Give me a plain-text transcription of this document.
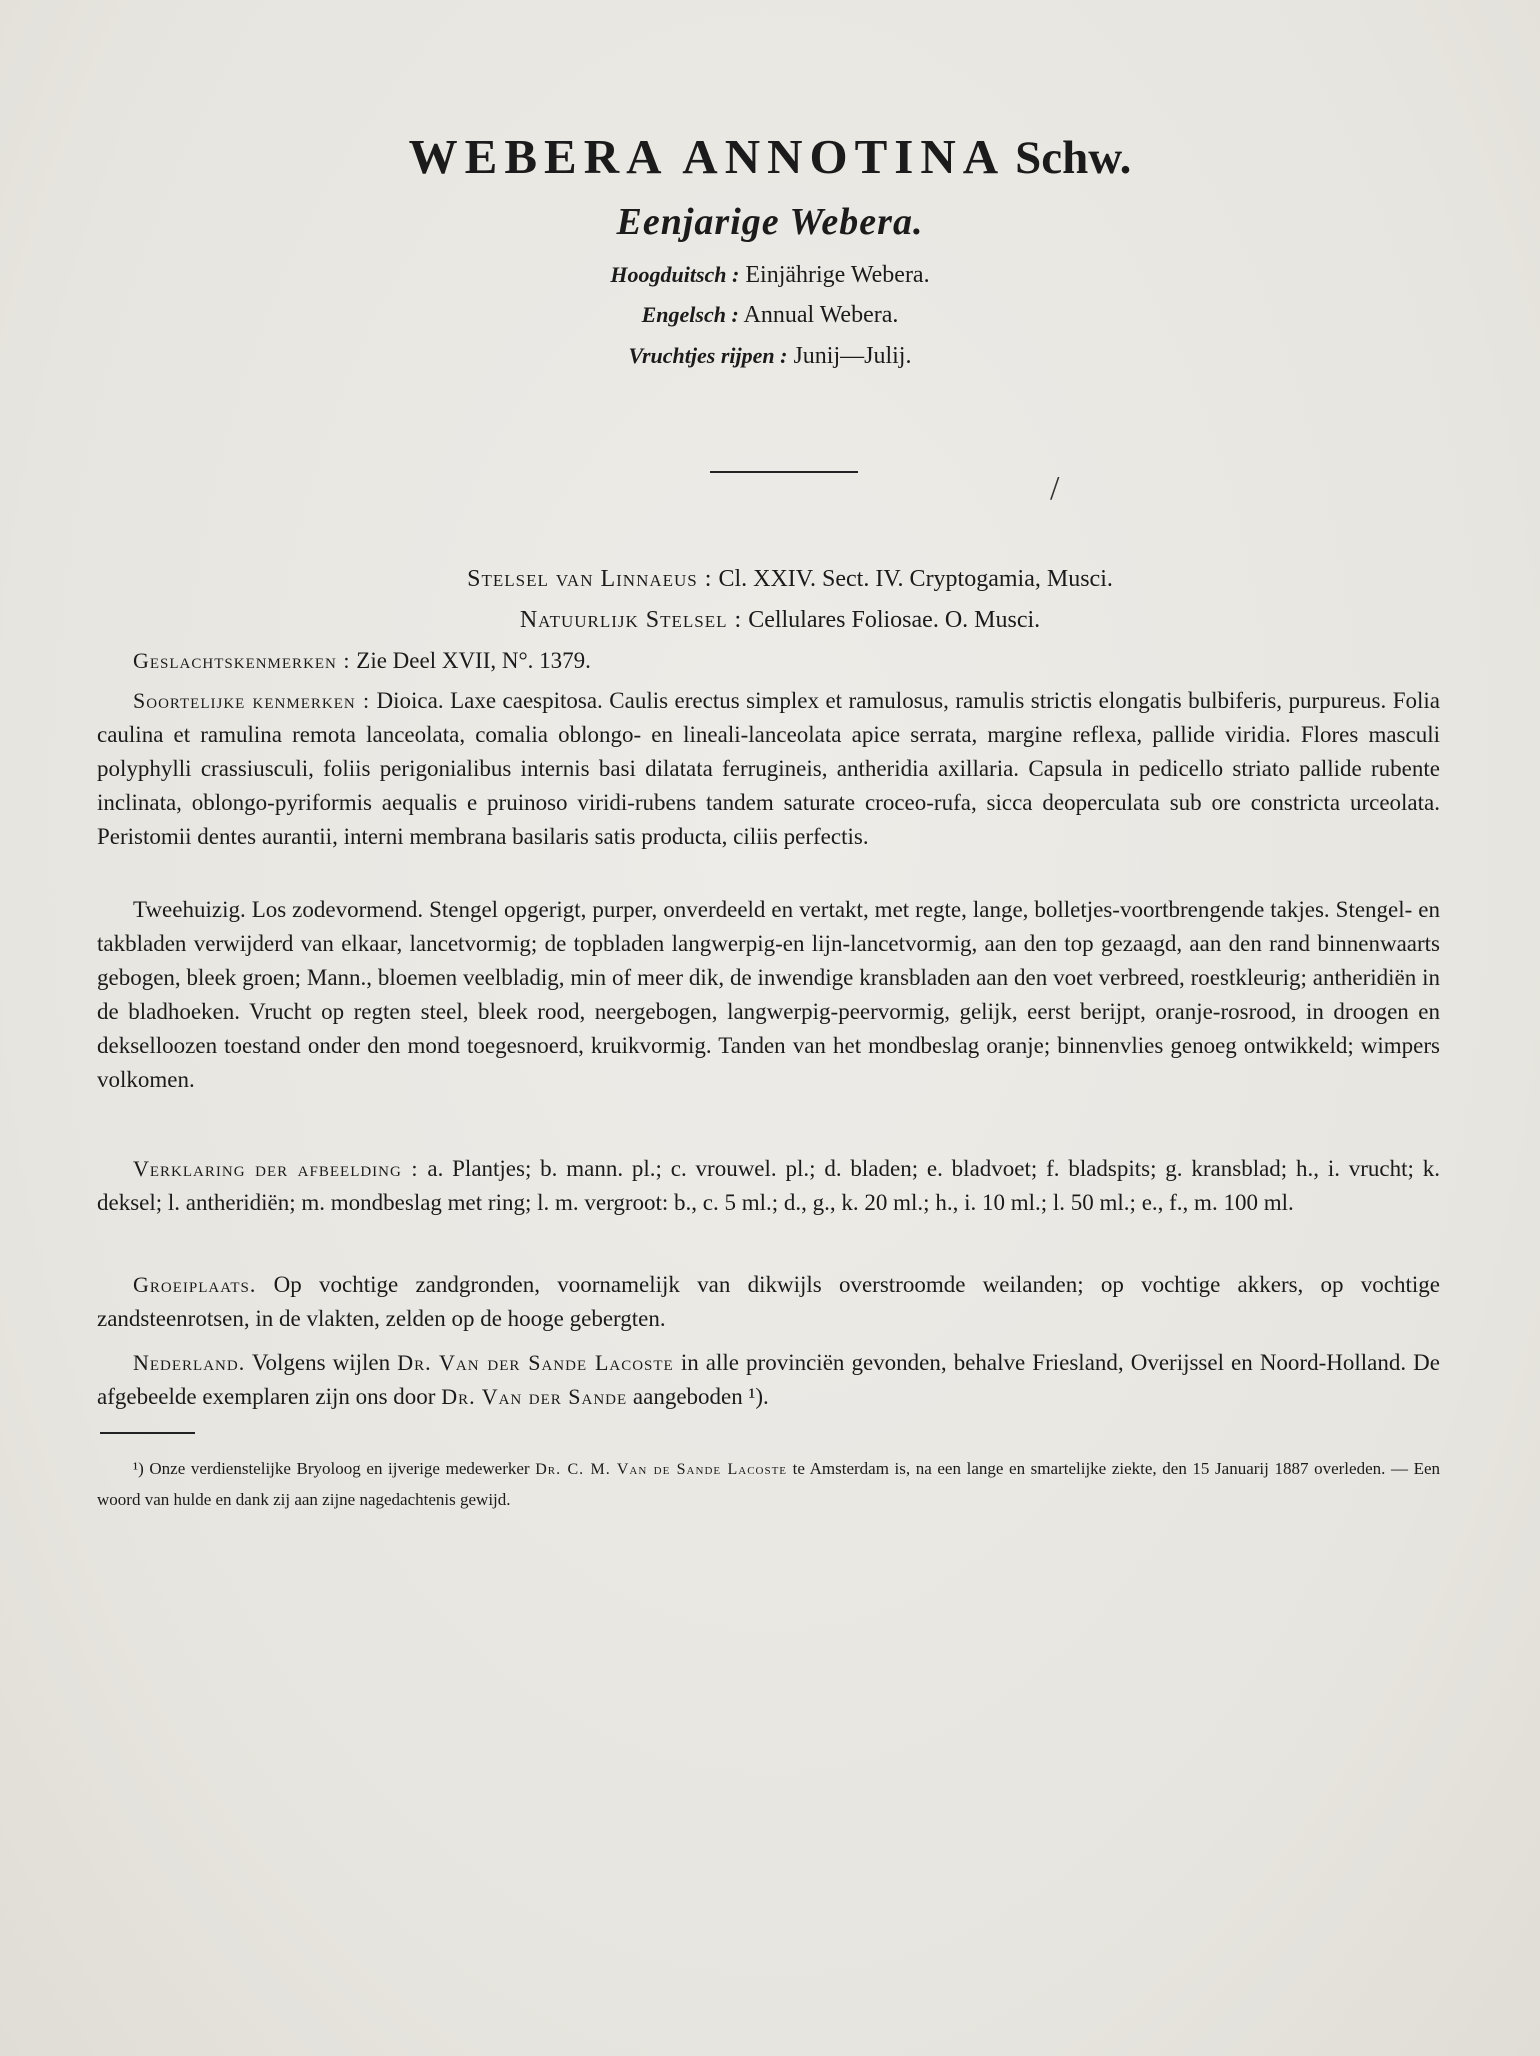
WEBERA ANNOTINA Schw.
Eenjarige Webera.
Hoogduitsch : Einjährige Webera.
Engelsch : Annual Webera.
Vruchtjes rijpen : Junij—Julij.
/
Stelsel van Linnaeus : Cl. XXIV. Sect. IV. Cryptogamia, Musci.
Natuurlijk Stelsel : Cellulares Foliosae. O. Musci.
Geslachtskenmerken : Zie Deel XVII, N°. 1379.
Soortelijke kenmerken : Dioica. Laxe caespitosa. Caulis erectus simplex et ramulosus, ramulis strictis elongatis bulbiferis, purpureus. Folia caulina et ramulina remota lanceolata, comalia oblongo- en lineali-lanceolata apice serrata, margine reflexa, pallide viridia. Flores masculi polyphylli crassiusculi, foliis perigonialibus internis basi dilatata ferrugineis, antheridia axillaria. Capsula in pedicello striato pallide rubente inclinata, oblongo-pyriformis aequalis e pruinoso viridi-rubens tandem saturate croceo-rufa, sicca deoperculata sub ore constricta urceolata. Peristomii dentes aurantii, interni membrana basilaris satis producta, ciliis perfectis.
Tweehuizig. Los zodevormend. Stengel opgerigt, purper, onverdeeld en vertakt, met regte, lange, bolletjes-voortbrengende takjes. Stengel- en takbladen verwijderd van elkaar, lancetvormig; de topbladen langwerpig-en lijn-lancetvormig, aan den top gezaagd, aan den rand binnenwaarts gebogen, bleek groen; Mann., bloemen veelbladig, min of meer dik, de inwendige kransbladen aan den voet verbreed, roestkleurig; antheridiën in de bladhoeken. Vrucht op regten steel, bleek rood, neergebogen, langwerpig-peervormig, gelijk, eerst berijpt, oranje-rosrood, in droogen en dekselloozen toestand onder den mond toegesnoerd, kruikvormig. Tanden van het mondbeslag oranje; binnenvlies genoeg ontwikkeld; wimpers volkomen.
Verklaring der afbeelding : a. Plantjes; b. mann. pl.; c. vrouwel. pl.; d. bladen; e. bladvoet; f. bladspits; g. kransblad; h., i. vrucht; k. deksel; l. antheridiën; m. mondbeslag met ring; l. m. vergroot: b., c. 5 ml.; d., g., k. 20 ml.; h., i. 10 ml.; l. 50 ml.; e., f., m. 100 ml.
Groeiplaats. Op vochtige zandgronden, voornamelijk van dikwijls overstroomde weilanden; op vochtige akkers, op vochtige zandsteenrotsen, in de vlakten, zelden op de hooge gebergten.
Nederland. Volgens wijlen Dr. Van der Sande Lacoste in alle provinciën gevonden, behalve Friesland, Overijssel en Noord-Holland. De afgebeelde exemplaren zijn ons door Dr. Van der Sande aangeboden ¹).
¹) Onze verdienstelijke Bryoloog en ijverige medewerker Dr. C. M. Van de Sande Lacoste te Amsterdam is, na een lange en smartelijke ziekte, den 15 Januarij 1887 overleden. — Een woord van hulde en dank zij aan zijne nagedachtenis gewijd.
